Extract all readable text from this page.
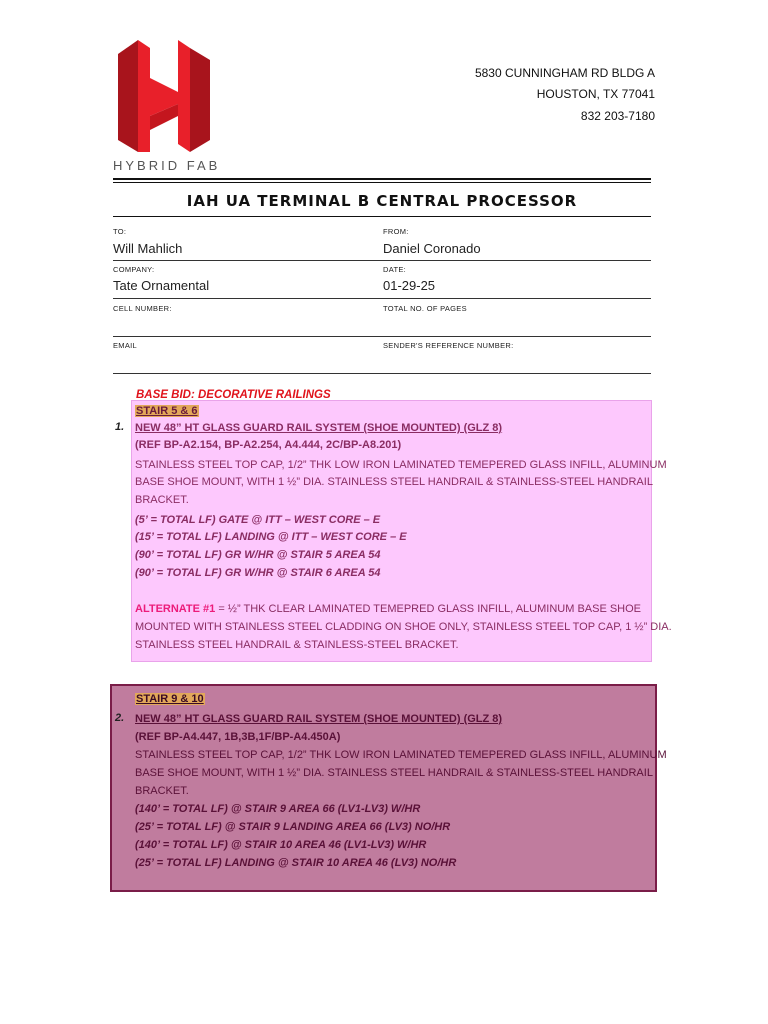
HYBRID FAB
5830 CUNNINGHAM RD BLDG A
HOUSTON, TX 77041
832 203-7180
IAH UA TERMINAL B CENTRAL PROCESSOR
TO:
Will Mahlich
FROM:
Daniel Coronado
COMPANY:
Tate Ornamental
DATE:
01-29-25
CELL NUMBER:	TOTAL NO. OF PAGES
EMAIL	SENDER'S REFERENCE NUMBER:
BASE BID: DECORATIVE RAILINGS
STAIR 5 & 6
1. NEW 48” HT GLASS GUARD RAIL SYSTEM (SHOE MOUNTED) (GLZ 8)
(REF BP-A2.154, BP-A2.254, A4.444, 2C/BP-A8.201)
STAINLESS STEEL TOP CAP, 1/2” THK LOW IRON LAMINATED TEMEPERED GLASS INFILL, ALUMINUM
BASE SHOE MOUNT, WITH 1 ½” DIA. STAINLESS STEEL HANDRAIL & STAINLESS-STEEL HANDRAIL
BRACKET.
(5’ = TOTAL LF) GATE @ ITT – WEST CORE – E
(15’ = TOTAL LF) LANDING @ ITT – WEST CORE – E
(90’ = TOTAL LF) GR W/HR @ STAIR 5 AREA 54
(90’ = TOTAL LF) GR W/HR @ STAIR 6 AREA 54
ALTERNATE #1 = ½” THK CLEAR LAMINATED TEMEPRED GLASS INFILL, ALUMINUM BASE SHOE
MOUNTED WITH STAINLESS STEEL CLADDING ON SHOE ONLY, STAINLESS STEEL TOP CAP, 1 ½” DIA.
STAINLESS STEEL HANDRAIL & STAINLESS-STEEL BRACKET.
STAIR 9 & 10
2. NEW 48” HT GLASS GUARD RAIL SYSTEM (SHOE MOUNTED) (GLZ 8)
(REF BP-A4.447, 1B,3B,1F/BP-A4.450A)
STAINLESS STEEL TOP CAP, 1/2” THK LOW IRON LAMINATED TEMEPERED GLASS INFILL, ALUMINUM
BASE SHOE MOUNT, WITH 1 ½” DIA. STAINLESS STEEL HANDRAIL & STAINLESS-STEEL HANDRAIL
BRACKET.
(140’ = TOTAL LF) @ STAIR 9 AREA 66 (LV1-LV3) W/HR
(25’ = TOTAL LF) @ STAIR 9 LANDING AREA 66 (LV3) NO/HR
(140’ = TOTAL LF) @ STAIR 10 AREA 46 (LV1-LV3) W/HR
(25’ = TOTAL LF) LANDING @ STAIR 10 AREA 46 (LV3) NO/HR
